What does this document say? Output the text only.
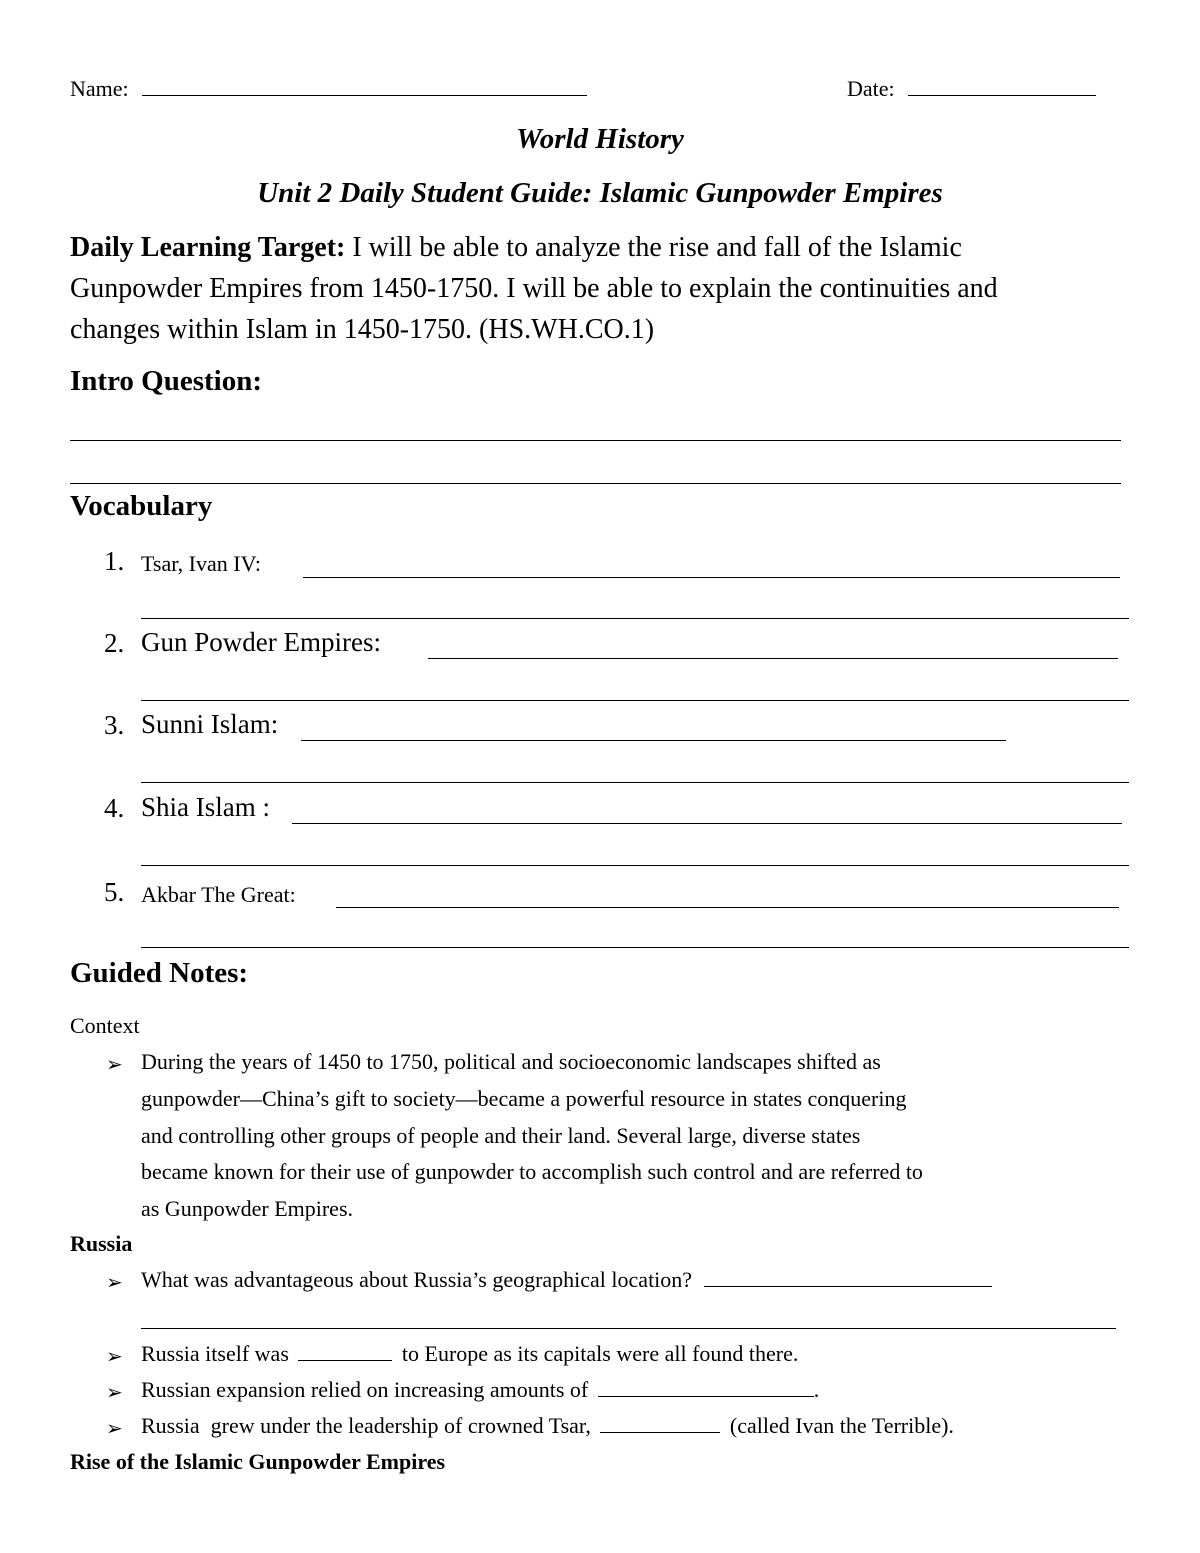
Name:	Date:
World History
Unit 2 Daily Student Guide: Islamic Gunpowder Empires
Daily Learning Target: I will be able to analyze the rise and fall of the Islamic
Gunpowder Empires from 1450-1750. I will be able to explain the continuities and
changes within Islam in 1450-1750. (HS.WH.CO.1)
Intro Question:
Vocabulary
1. Tsar, Ivan IV:
2. Gun Powder Empires:
3. Sunni Islam:
4. Shia Islam :
5. Akbar The Great:
Guided Notes:
Context
➢ During the years of 1450 to 1750, political and socioeconomic landscapes shifted as
gunpowder—China’s gift to society—became a powerful resource in states conquering
and controlling other groups of people and their land. Several large, diverse states
became known for their use of gunpowder to accomplish such control and are referred to
as Gunpowder Empires.
Russia
➢ What was advantageous about Russia’s geographical location?
➢ Russia itself was	to Europe as its capitals were all found there.
➢ Russian expansion relied on increasing amounts of	.
➢ Russia  grew under the leadership of crowned Tsar,	(called Ivan the Terrible).
Rise of the Islamic Gunpowder Empires
